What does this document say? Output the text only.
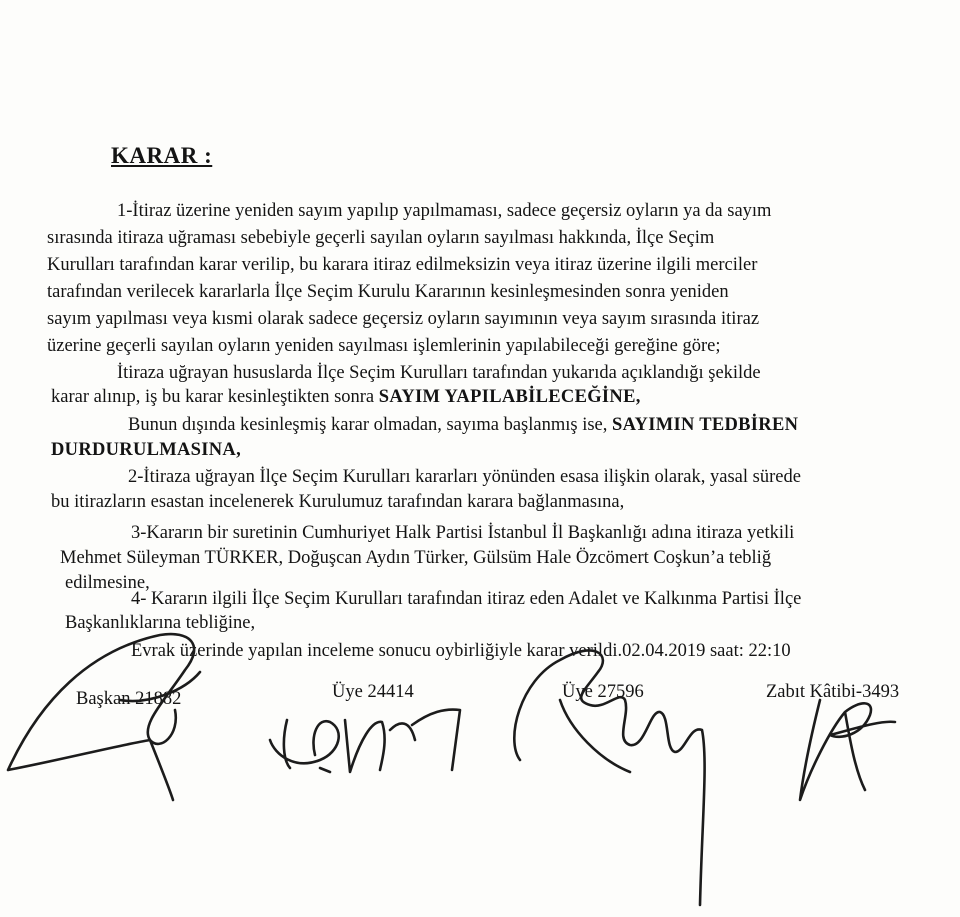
KARAR :
1-İtiraz üzerine yeniden sayım yapılıp yapılmaması, sadece geçersiz oyların ya da sayım
sırasında itiraza uğraması sebebiyle geçerli sayılan oyların sayılması hakkında, İlçe Seçim
Kurulları tarafından karar verilip, bu karara itiraz edilmeksizin veya itiraz üzerine ilgili merciler
tarafından verilecek kararlarla İlçe Seçim Kurulu Kararının kesinleşmesinden sonra yeniden
sayım yapılması veya kısmi olarak sadece geçersiz oyların sayımının veya sayım sırasında itiraz
üzerine geçerli sayılan oyların yeniden sayılması işlemlerinin yapılabileceği gereğine göre;
İtiraza uğrayan hususlarda İlçe Seçim Kurulları tarafından yukarıda açıklandığı şekilde
karar alınıp, iş bu karar kesinleştikten sonra SAYIM YAPILABİLECEĞİNE,
Bunun dışında kesinleşmiş karar olmadan, sayıma başlanmış ise, SAYIMIN TEDBİREN
DURDURULMASINA,
2-İtiraza uğrayan İlçe Seçim Kurulları kararları yönünden esasa ilişkin olarak, yasal sürede
bu itirazların esastan incelenerek Kurulumuz tarafından karara bağlanmasına,
3-Kararın bir suretinin Cumhuriyet Halk Partisi İstanbul İl Başkanlığı adına itiraza yetkili
Mehmet Süleyman TÜRKER, Doğuşcan Aydın Türker, Gülsüm Hale Özcömert Coşkun’a tebliğ
edilmesine,
4- Kararın ilgili İlçe Seçim Kurulları tarafından itiraz eden Adalet ve Kalkınma Partisi İlçe
Başkanlıklarına tebliğine,
Evrak üzerinde yapılan inceleme sonucu oybirliğiyle karar verildi.02.04.2019 saat: 22:10
Başkan 21882	Üye 24414	Üye 27596	Zabıt Kâtibi-3493
